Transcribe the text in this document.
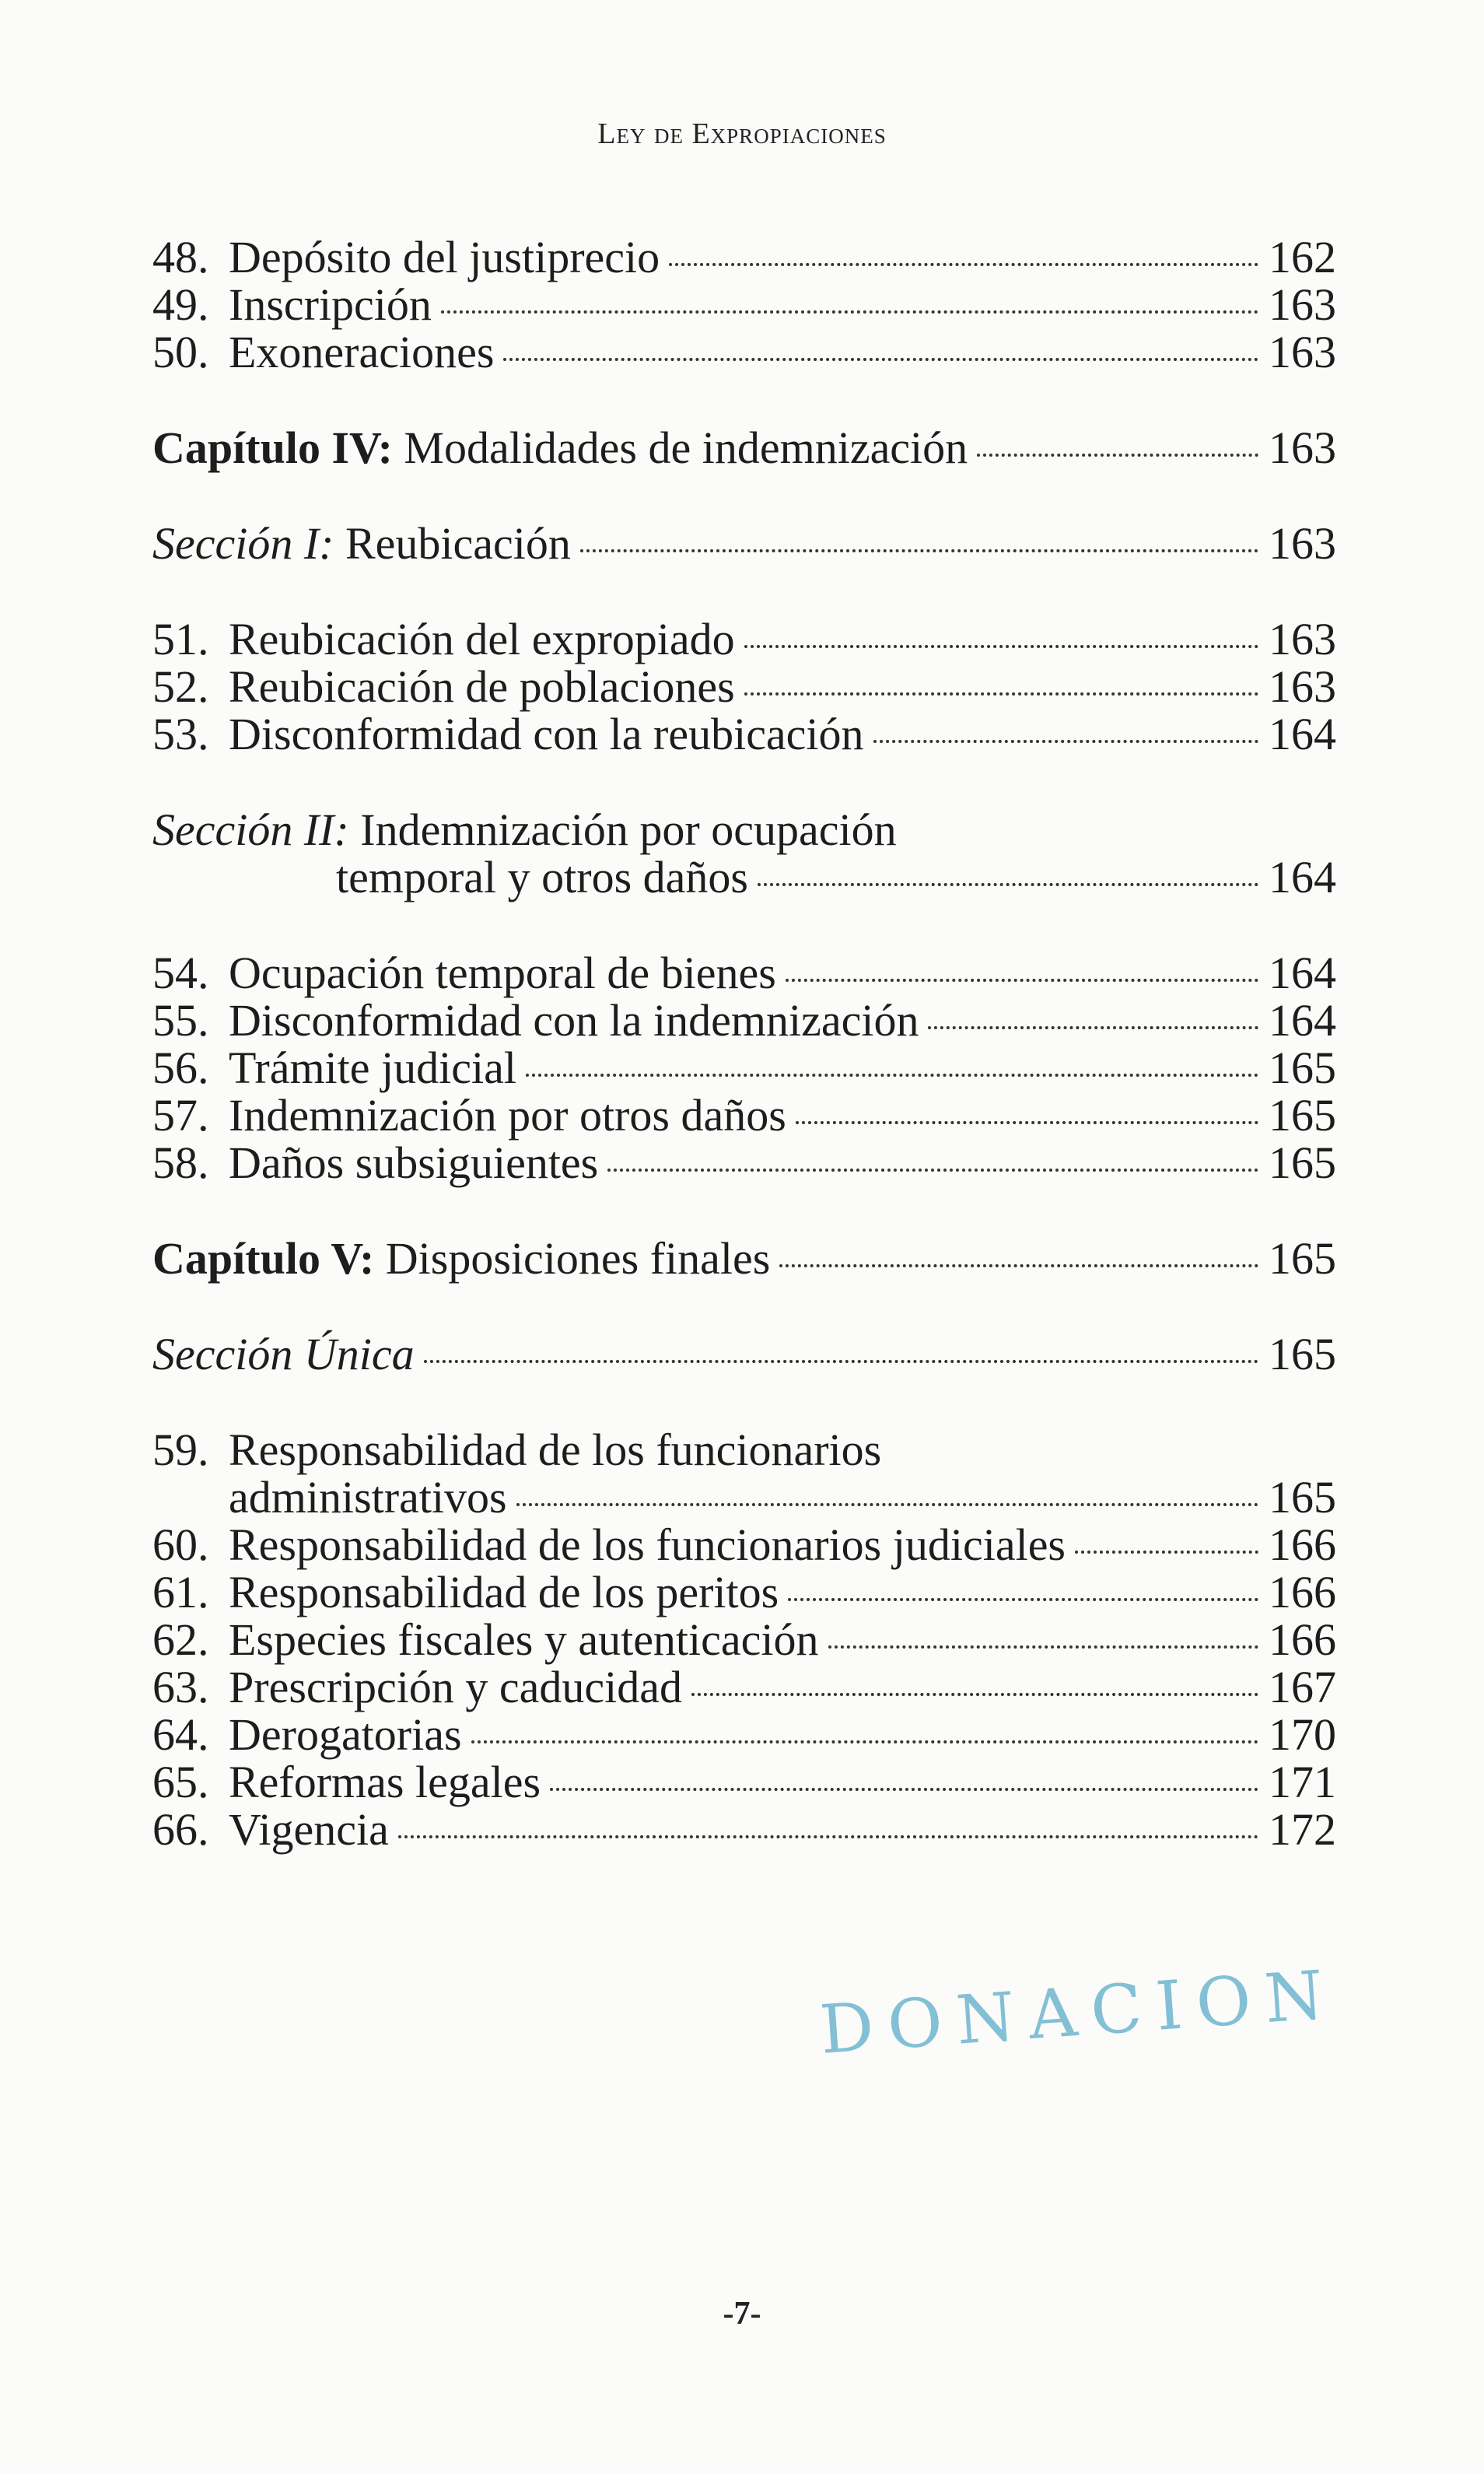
Ley de Expropiaciones
48. Depósito del justiprecio	162
49. Inscripción	163
50. Exoneraciones	163
Capítulo IV: Modalidades de indemnización	163
Sección I: Reubicación	163
51. Reubicación del expropiado	163
52. Reubicación de poblaciones	163
53. Disconformidad con la reubicación	164
Sección II: Indemnización por ocupación
temporal y otros daños	164
54. Ocupación temporal de bienes	164
55. Disconformidad con la indemnización	164
56. Trámite judicial	165
57. Indemnización por otros daños	165
58. Daños subsiguientes	165
Capítulo V: Disposiciones finales	165
Sección Única	165
59. Responsabilidad de los funcionarios
administrativos	165
60. Responsabilidad de los funcionarios judiciales	166
61. Responsabilidad de los peritos	166
62. Especies fiscales y autenticación	166
63. Prescripción y caducidad	167
64. Derogatorias	170
65. Reformas legales	171
66. Vigencia	172
DONACION
-7-
